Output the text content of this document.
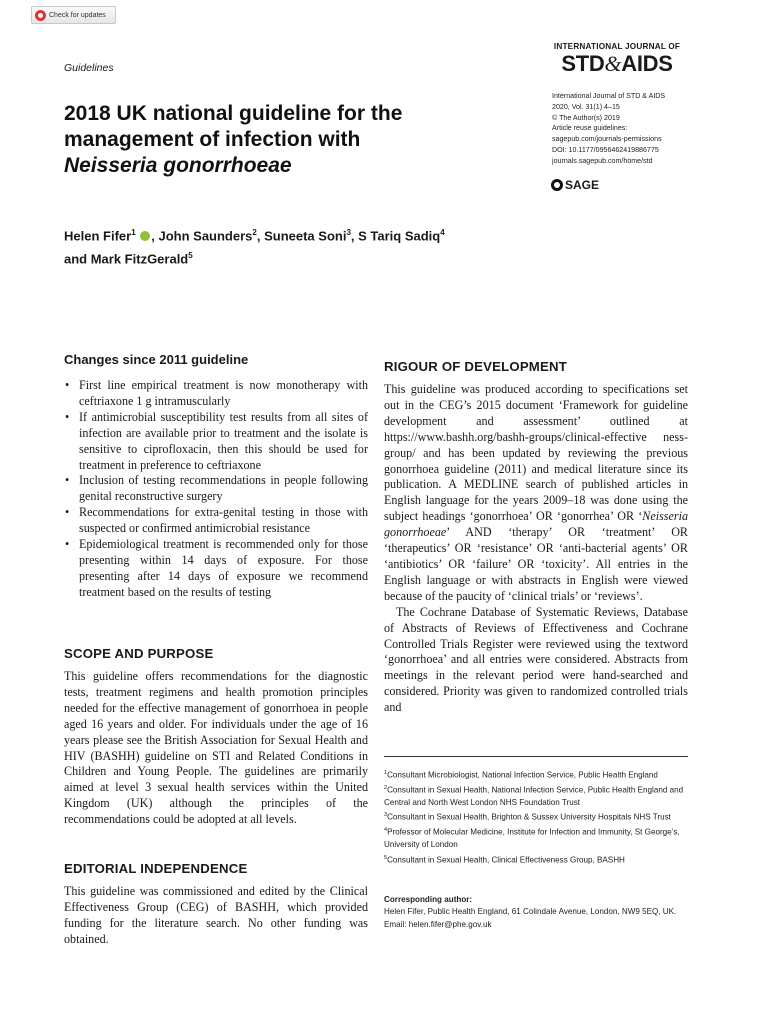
Check for updates
Guidelines
INTERNATIONAL JOURNAL OF
STD&AIDS
International Journal of STD & AIDS
2020, Vol. 31(1) 4–15
© The Author(s) 2019
Article reuse guidelines:
sagepub.com/journals-permissions
DOI: 10.1177/0956462419886775
journals.sagepub.com/home/std
SAGE
2018 UK national guideline for the
management of infection with
Neisseria gonorrhoeae
Helen Fifer$^1$ , John Saunders$^2$, Suneeta Soni$^3$, S Tariq Sadiq$^4$
and Mark FitzGerald$^5$
Changes since 2011 guideline
• First line empirical treatment is now monotherapy with ceftriaxone 1 g intramuscularly
• If antimicrobial susceptibility test results from all sites of infection are available prior to treatment and the isolate is sensitive to ciprofloxacin, then this should be used for treatment in preference to ceftriaxone
• Inclusion of testing recommendations in people following genital reconstructive surgery
• Recommendations for extra-genital testing in those with suspected or confirmed antimicrobial resistance
• Epidemiological treatment is recommended only for those presenting within 14 days of exposure. For those presenting after 14 days of exposure we recommend treatment based on the results of testing
SCOPE AND PURPOSE
This guideline offers recommendations for the diagnostic tests, treatment regimens and health promotion principles needed for the effective management of gonorrhoea in people aged 16 years and older. For individuals under the age of 16 years please see the British Association for Sexual Health and HIV (BASHH) guideline on STI and Related Conditions in Children and Young People. The guidelines are primarily aimed at level 3 sexual health services within the United Kingdom (UK) although the principles of the recommendations could be adopted at all levels.
EDITORIAL INDEPENDENCE
This guideline was commissioned and edited by the Clinical Effectiveness Group (CEG) of BASHH, which provided funding for the literature search. No other funding was obtained.
RIGOUR OF DEVELOPMENT
This guideline was produced according to specifications set out in the CEG’s 2015 document ‘Framework for guideline development and assessment’ outlined at https://www.bashh.org/bashh-groups/clinical-effective ness-group/ and has been updated by reviewing the previous gonorrhoea guideline (2011) and medical literature since its publication. A MEDLINE search of published articles in English language for the years 2009–18 was done using the subject headings ‘gonorrhoea’ OR ‘gonorrhea’ OR ‘Neisseria gonorrhoeae’ AND ‘therapy’ OR ‘treatment’ OR ‘therapeutics’ OR ‘resistance’ OR ‘anti-bacterial agents’ OR ‘antibiotics’ OR ‘failure’ OR ‘toxicity’. All entries in the English language or with abstracts in English were viewed because of the paucity of ‘clinical trials’ or ‘reviews’.
The Cochrane Database of Systematic Reviews, Database of Abstracts of Reviews of Effectiveness and Cochrane Controlled Trials Register were reviewed using the textword ‘gonorrhoea’ and all entries were considered. Abstracts from meetings in the relevant period were hand-searched and considered. Priority was given to randomized controlled trials and
$^1$Consultant Microbiologist, National Infection Service, Public Health England
$^2$Consultant in Sexual Health, National Infection Service, Public Health England and Central and North West London NHS Foundation Trust
$^3$Consultant in Sexual Health, Brighton & Sussex University Hospitals NHS Trust
$^4$Professor of Molecular Medicine, Institute for Infection and Immunity, St George’s, University of London
$^5$Consultant in Sexual Health, Clinical Effectiveness Group, BASHH
Corresponding author:
Helen Fifer, Public Health England, 61 Colindale Avenue, London, NW9 5EQ, UK.
Email: helen.fifer@phe.gov.uk
